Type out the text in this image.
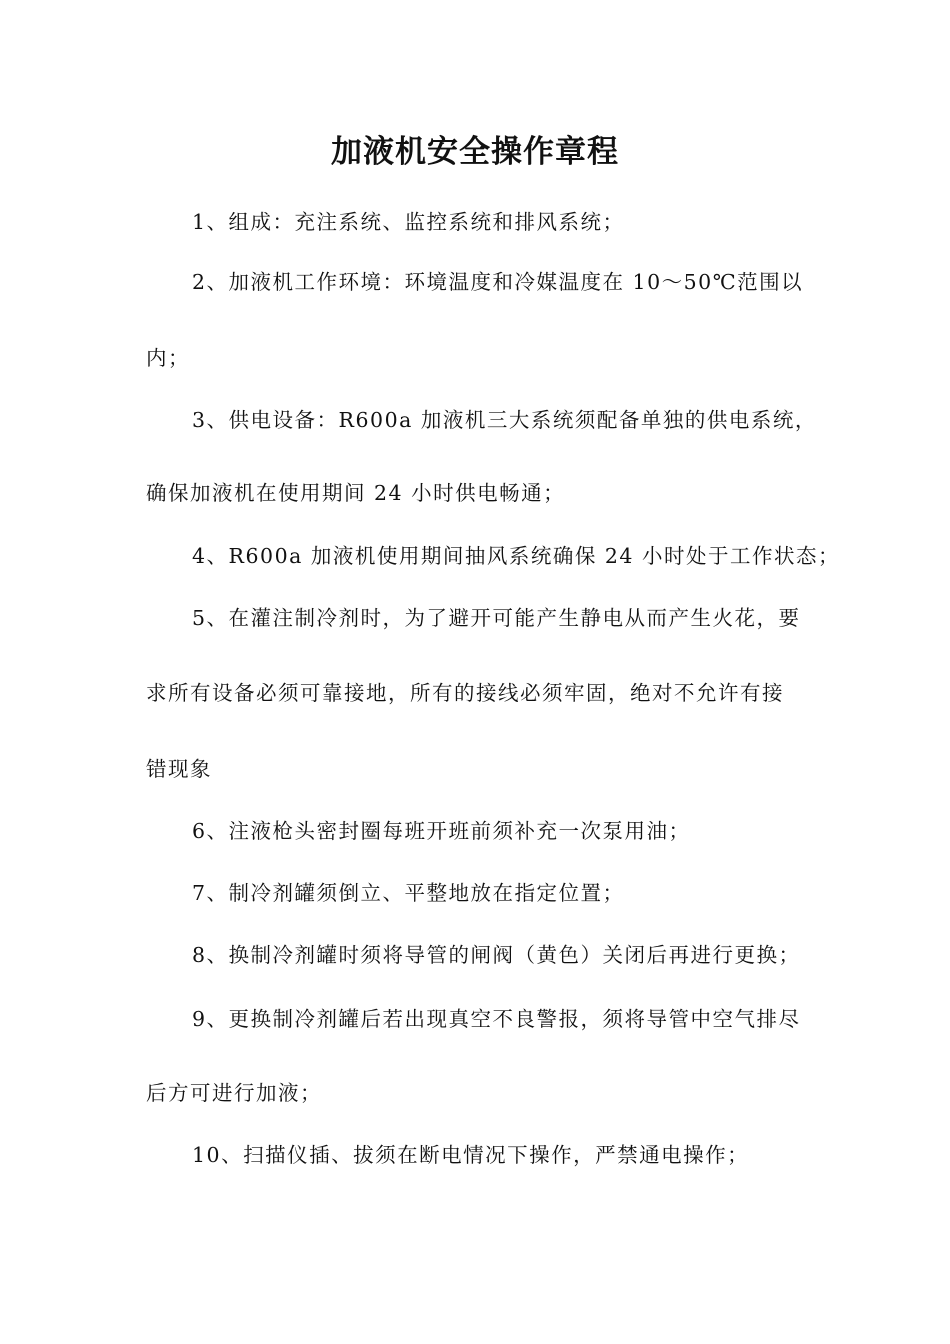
加液机安全操作章程
1、组成：充注系统、监控系统和排风系统；
2、加液机工作环境：环境温度和冷媒温度在 10～50℃范围以
内；
3、供电设备：R600a 加液机三大系统须配备单独的供电系统，
确保加液机在使用期间 24 小时供电畅通；
4、R600a 加液机使用期间抽风系统确保 24 小时处于工作状态；
5、在灌注制冷剂时，为了避开可能产生静电从而产生火花，要
求所有设备必须可靠接地，所有的接线必须牢固，绝对不允许有接
错现象
6、注液枪头密封圈每班开班前须补充一次泵用油；
7、制冷剂罐须倒立、平整地放在指定位置；
8、换制冷剂罐时须将导管的闸阀（黄色）关闭后再进行更换；
9、更换制冷剂罐后若出现真空不良警报，须将导管中空气排尽
后方可进行加液；
10、扫描仪插、拔须在断电情况下操作，严禁通电操作；
